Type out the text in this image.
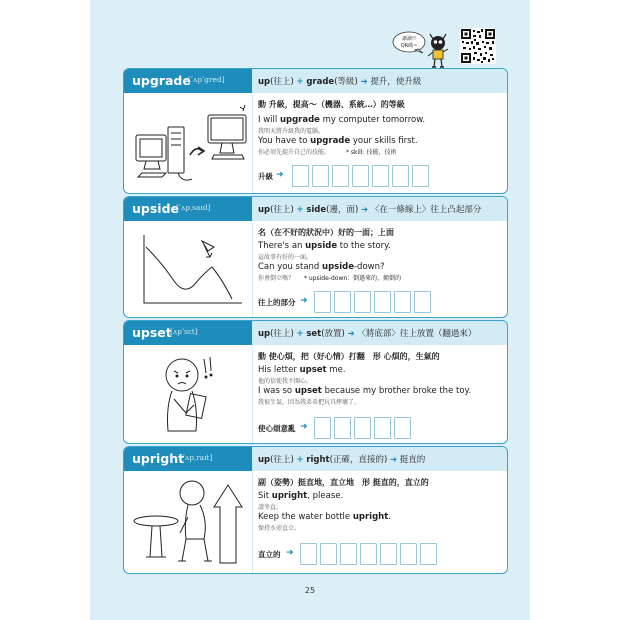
讀讀!!
QR碼~
upgrade
[ˈʌpˈgred]	up(往上) + grade(等級) ➜ 提升，使升級
動 升級，提高～（機器、系統…）的等級
I will upgrade my computer tomorrow.
我明天將升級我的電腦。
You have to upgrade your skills first.
你必須先提升自己的技能。	* skill: 技能，技術
升級 ➜
upside
[ˈʌpˌsaɪd]	up(往上) + side(邊，面) ➜ 〈在一條線上〉往上凸起部分
名（在不好的狀況中）好的一面；上面
There's an upside to the story.
這故事有好的一面。
Can you stand upside-down?
你會倒立嗎？ * upside-down：倒過來的，顛倒的
往上的部分 ➜
upset
[ʌpˈsɛt]	up(往上) + set(放置) ➜ 〈將底部〉往上放置（翻過來）
動 使心煩，把（好心情）打翻　形 心煩的，生氣的
His letter upset me.
他的信使我不開心。
I was so upset because my brother broke the toy.
我很生氣，因為我弟弟把玩具摔壞了。
使心煩意亂 ➜
upright
[ˈʌpˌraɪt]	up(往上) + right(正確，直接的) ➜ 挺直的
副（姿勢）挺直地，直立地　形 挺直的，直立的
Sit upright, please.
請坐直。
Keep the water bottle upright.
保持水壺直立。
直立的 ➜
25
